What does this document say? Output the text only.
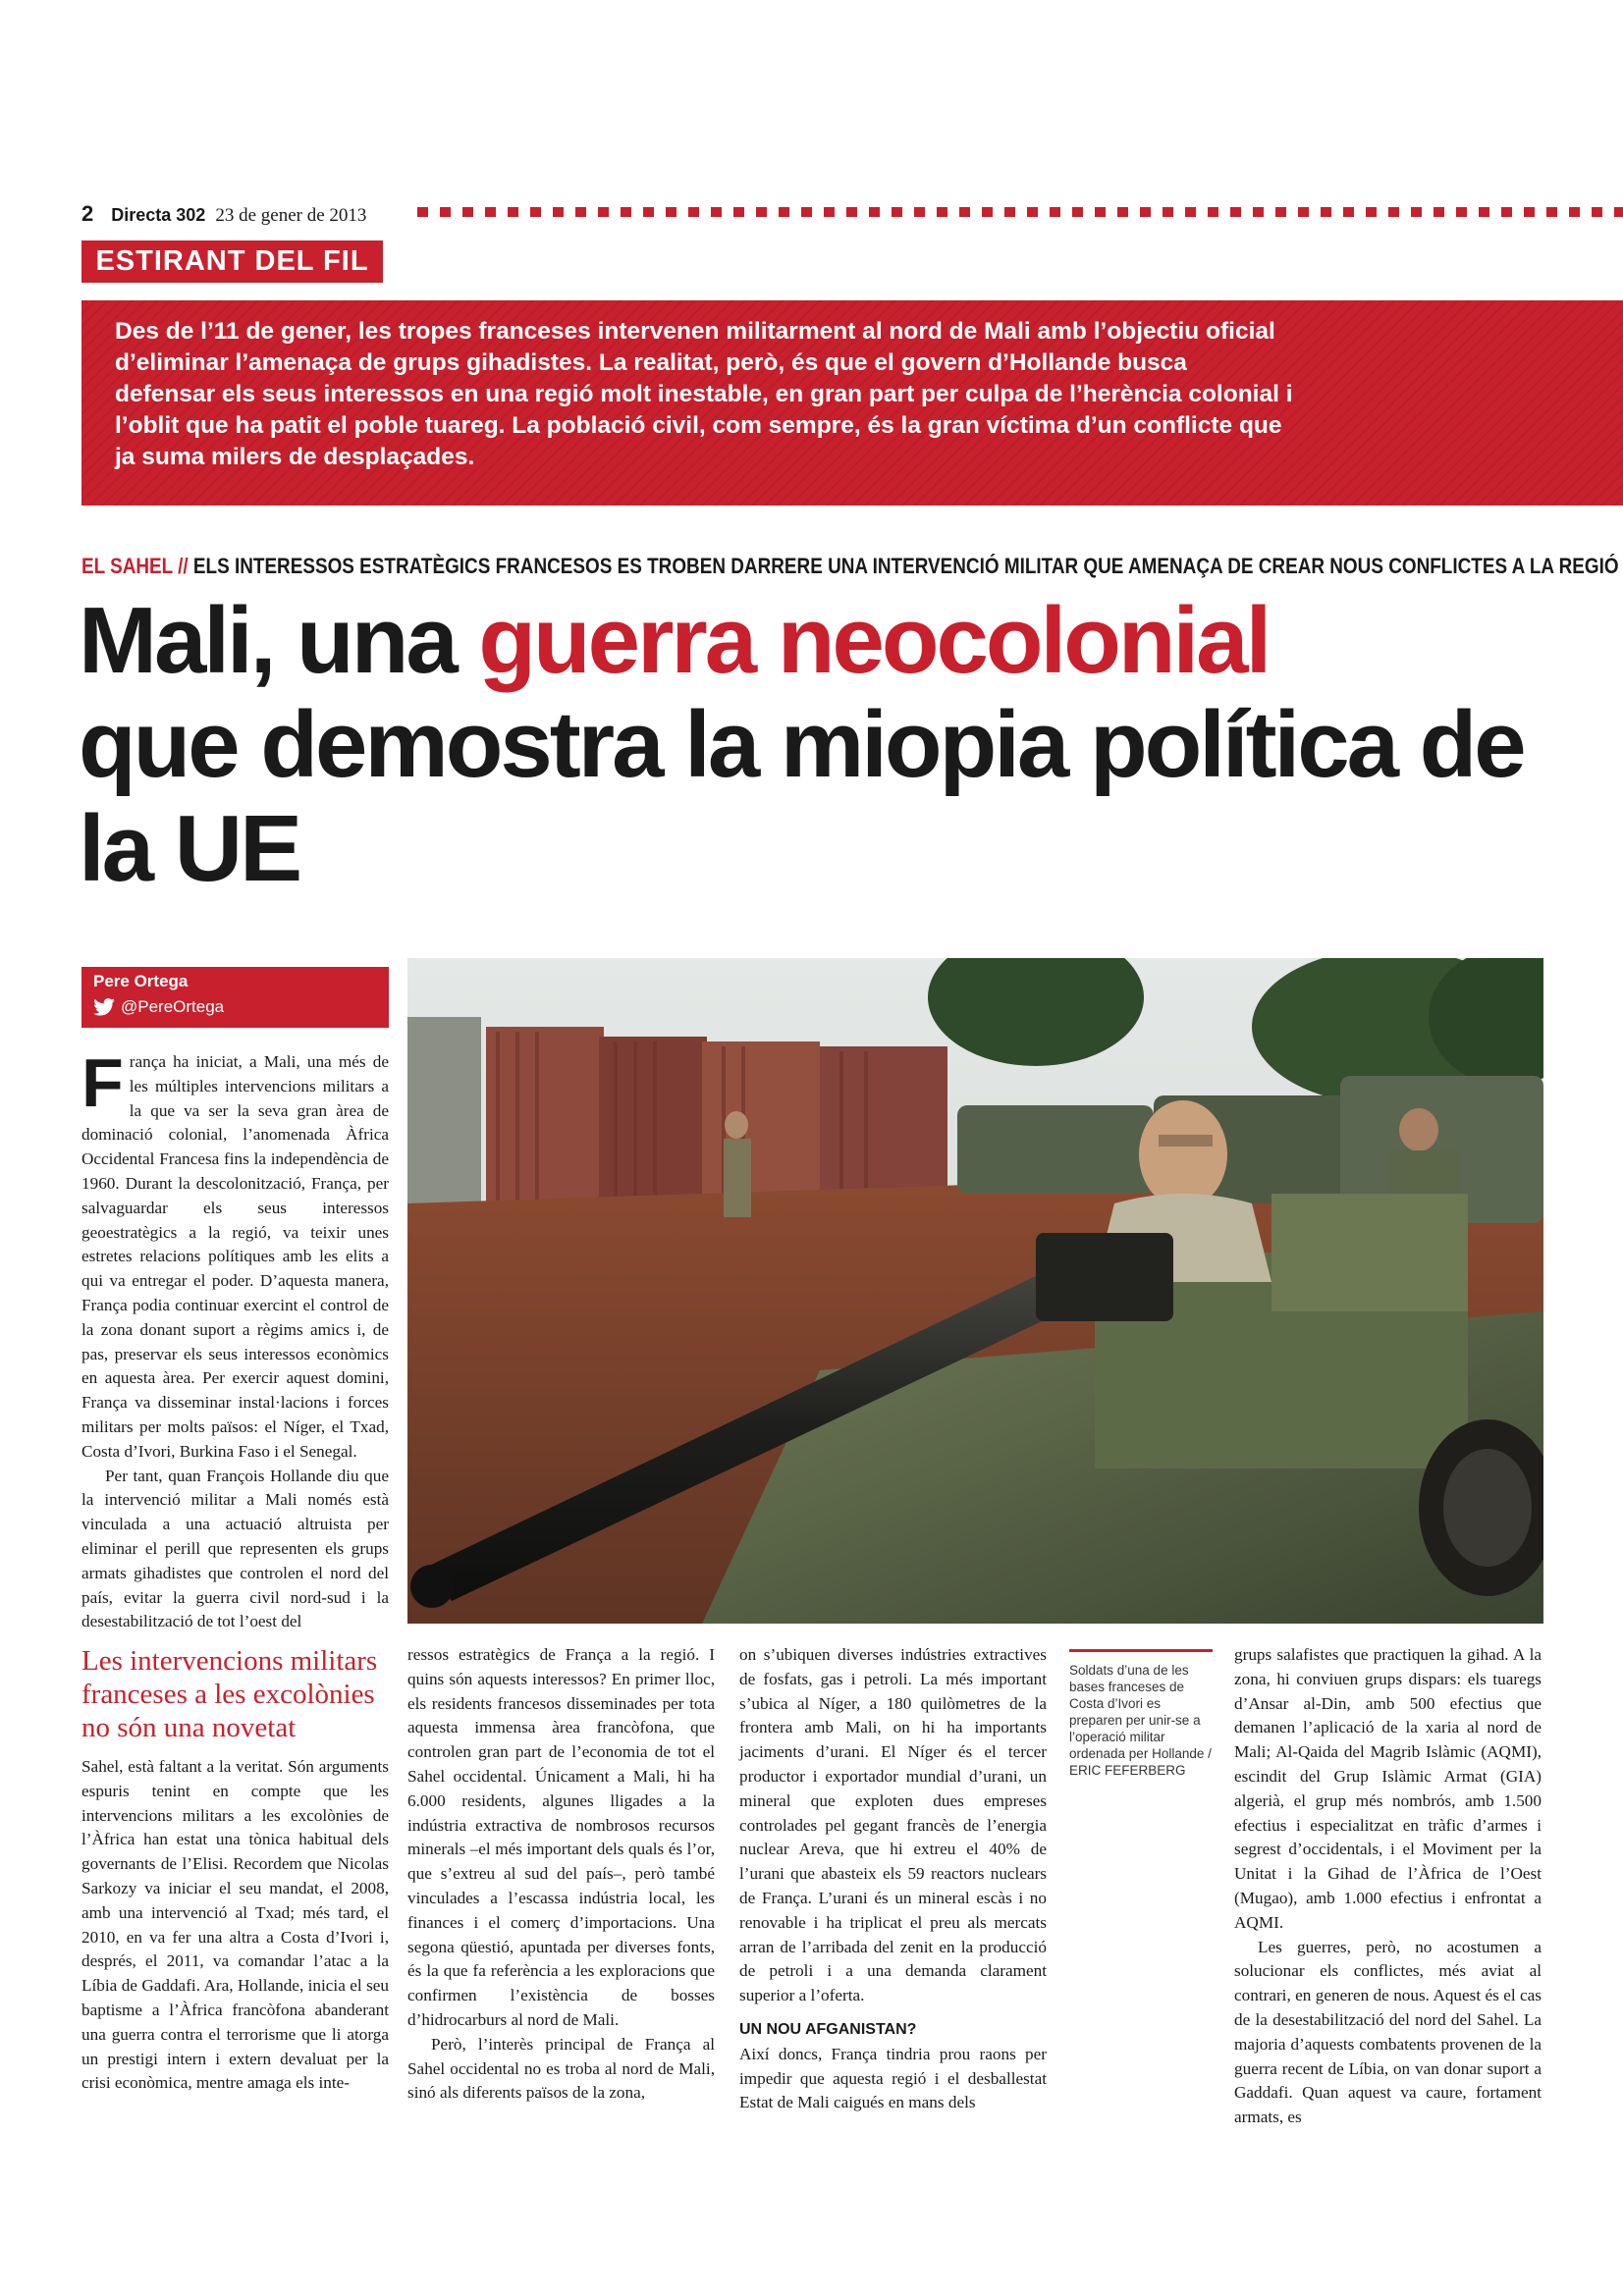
2 Directa 302 23 de gener de 2013
ESTIRANT DEL FIL

Des de l’11 de gener, les tropes franceses intervenen militarment al nord de Mali amb l’objectiu oficial d’eliminar l’amenaça de grups gihadistes. La realitat, però, és que el govern d’Hollande busca defensar els seus interessos en una regió molt inestable, en gran part per culpa de l’herència colonial i l’oblit que ha patit el poble tuareg. La població civil, com sempre, és la gran víctima d’un conflicte que ja suma milers de desplaçades.

EL SAHEL // ELS INTERESSOS ESTRATÈGICS FRANCESOS ES TROBEN DARRERE UNA INTERVENCIÓ MILITAR QUE AMENAÇA DE CREAR NOUS CONFLICTES A LA REGIÓ
Mali, una guerra neocolonial
que demostra la miopia política de la UE
Pere Ortega
@PereOrtega

França ha iniciat, a Mali, una més de les múltiples intervencions militars a la que va ser la seva gran àrea de dominació colonial, l’anomenada Àfrica Occidental Francesa fins la independència de 1960. Durant la descolonització, França, per salvaguardar els seus interessos geoestratègics a la regió, va teixir unes estretes relacions polítiques amb les elits a qui va entregar el poder. D’aquesta manera, França podia continuar exercint el control de la zona donant suport a règims amics i, de pas, preservar els seus interessos econòmics en aquesta àrea. Per exercir aquest domini, França va disseminar instal·lacions i forces militars per molts països: el Níger, el Txad, Costa d’Ivori, Burkina Faso i el Senegal.

Per tant, quan François Hollande diu que la intervenció militar a Mali només està vinculada a una actuació altruista per eliminar el perill que representen els grups armats gihadistes que controlen el nord del país, evitar la guerra civil nord-sud i la desestabilització de tot l’oest del

Les intervencions militars franceses a les excolònies no són una novetat

Sahel, està faltant a la veritat. Són arguments espuris tenint en compte que les intervencions militars a les excolònies de l’Àfrica han estat una tònica habitual dels governants de l’Elisi. Recordem que Nicolas Sarkozy va iniciar el seu mandat, el 2008, amb una intervenció al Txad; més tard, el 2010, en va fer una altra a Costa d’Ivori i, després, el 2011, va comandar l’atac a la Líbia de Gaddafi. Ara, Hollande, inicia el seu baptisme a l’Àfrica francòfona abanderant una guerra contra el terrorisme que li atorga un prestigi intern i extern devaluat per la crisi econòmica, mentre amaga els inte-

ressos estratègics de França a la regió. I quins són aquests interessos? En primer lloc, els residents francesos disseminades per tota aquesta immensa àrea francòfona, que controlen gran part de l’economia de tot el Sahel occidental. Únicament a Mali, hi ha 6.000 residents, algunes lligades a la indústria extractiva de nombrosos recursos minerals –el més important dels quals és l’or, que s’extreu al sud del país–, però també vinculades a l’escassa indústria local, les finances i el comerç d’importacions. Una segona qüestió, apuntada per diverses fonts, és la que fa referència a les exploracions que confirmen l’existència de bosses d’hidrocarburs al nord de Mali.

Però, l’interès principal de França al Sahel occidental no es troba al nord de Mali, sinó als diferents països de la zona,

on s’ubiquen diverses indústries extractives de fosfats, gas i petroli. La més important s’ubica al Níger, a 180 quilòmetres de la frontera amb Mali, on hi ha importants jaciments d’urani. El Níger és el tercer productor i exportador mundial d’urani, un mineral que exploten dues empreses controlades pel gegant francès de l’energia nuclear Areva, que hi extreu el 40% de l’urani que abasteix els 59 reactors nuclears de França. L’urani és un mineral escàs i no renovable i ha triplicat el preu als mercats arran de l’arribada del zenit en la producció de petroli i a una demanda clarament superior a l’oferta.

UN NOU AFGANISTAN?

Així doncs, França tindria prou raons per impedir que aquesta regió i el desballestat Estat de Mali caigués en mans dels

Soldats d’una de les bases franceses de Costa d’Ivori es preparen per unir-se a l’operació militar ordenada per Hollande / ERIC FEFERBERG

grups salafistes que practiquen la gihad. A la zona, hi conviuen grups dispars: els tuaregs d’Ansar al-Din, amb 500 efectius que demanen l’aplicació de la xaria al nord de Mali; Al-Qaida del Magrib Islàmic (AQMI), escindit del Grup Islàmic Armat (GIA) algerià, el grup més nombrós, amb 1.500 efectius i especialitzat en tràfic d’armes i segrest d’occidentals, i el Moviment per la Unitat i la Gihad de l’Àfrica de l’Oest (Mugao), amb 1.000 efectius i enfrontat a AQMI.

Les guerres, però, no acostumen a solucionar els conflictes, més aviat al contrari, en generen de nous. Aquest és el cas de la desestabilització del nord del Sahel. La majoria d’aquests combatents provenen de la guerra recent de Líbia, on van donar suport a Gaddafi. Quan aquest va caure, fortament armats, es
